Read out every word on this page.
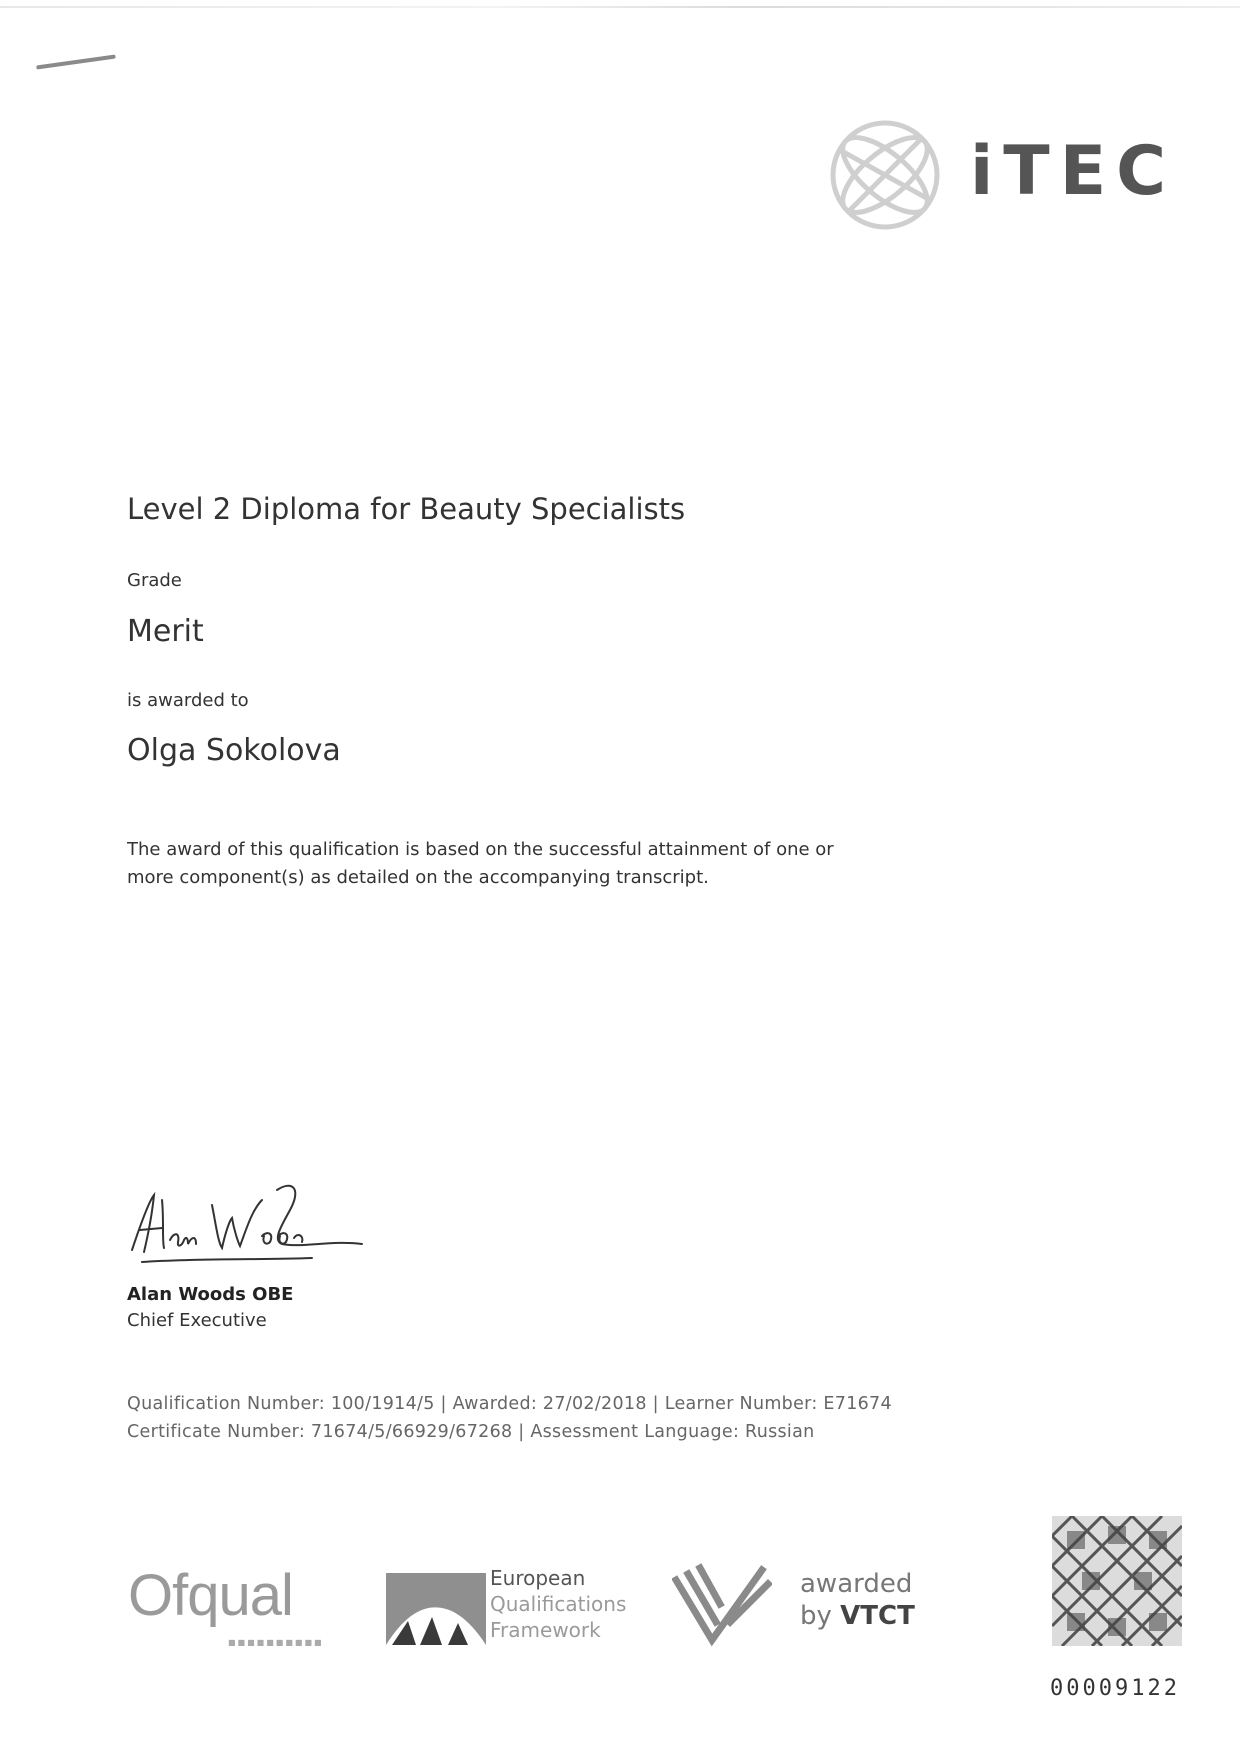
iTEC
Level 2 Diploma for Beauty Specialists
Grade
Merit
is awarded to
Olga Sokolova
The award of this qualification is based on the successful attainment of one or
more component(s) as detailed on the accompanying transcript.
Alan Woods OBE
Chief Executive
Qualification Number: 100/1914/5 | Awarded: 27/02/2018 | Learner Number: E71674
Certificate Number: 71674/5/66929/67268 | Assessment Language: Russian
Ofqual
■■■■■■■■■■
European
Qualifications
Framework
awarded
by VTCT
00009122
